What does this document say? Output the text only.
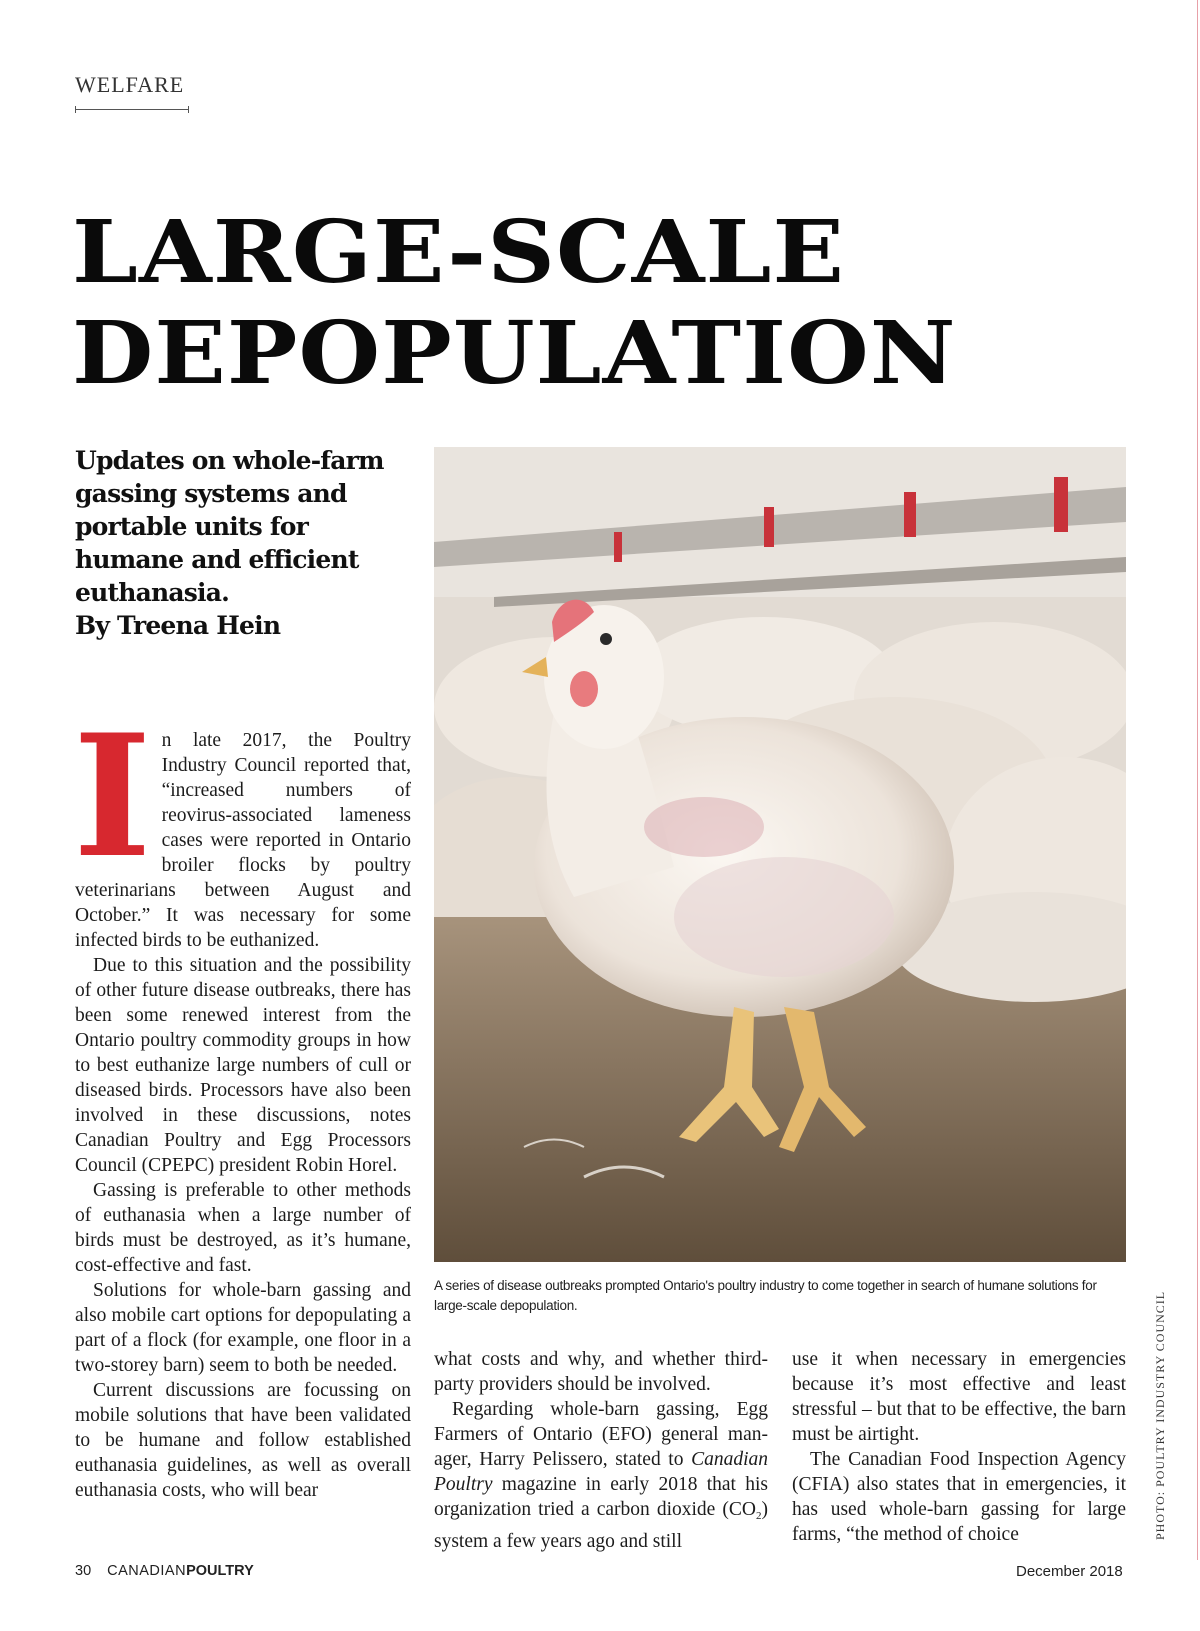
WELFARE
LARGE-SCALE
DEPOPULATION
Updates on whole-farm gassing systems and portable units for humane and efficient euthanasia.
By Treena Hein
A series of disease outbreaks prompted Ontario's poultry industry to come together in search of humane solutions for large-scale depopulation.	PHOTO: POULTRY INDUSTRY COUNCIL

In late 2017, the Poultry Industry Council reported that, “increased numbers of reovirus-associated lameness cases were reported in Ontario broiler flocks by poultry veterinarians between August and October.” It was necessary for some infected birds to be euthanized.

Due to this situation and the possibility of other future disease outbreaks, there has been some renewed interest from the Ontario poultry commodity groups in how to best euthanize large numbers of cull or diseased birds. Processors have also been involved in these discussions, notes Canadian Poultry and Egg Processors Council (CPEPC) president Robin Horel.

Gassing is preferable to other methods of euthanasia when a large number of birds must be destroyed, as it’s humane, cost-effective and fast.

Solutions for whole-barn gassing and also mobile cart options for depopulating a part of a flock (for example, one floor in a two-storey barn) seem to both be needed.

Current discussions are focussing on mobile solutions that have been validated to be humane and follow established euthanasia guidelines, as well as overall euthanasia costs, who will bear

what costs and why, and whether third-party providers should be involved.

Regarding whole-barn gassing, Egg Farmers of Ontario (EFO) general manager, Harry Pelissero, stated to Canadian Poultry magazine in early 2018 that his organization tried a carbon dioxide $(CO_2)$ system a few years ago and still

use it when necessary in emergencies because it’s most effective and least stressful – but that to be effective, the barn must be airtight.

The Canadian Food Inspection Agency (CFIA) also states that in emergencies, it has used whole-barn gassing for large farms, “the method of choice

30 CANADIANPOULTRY	December 2018
